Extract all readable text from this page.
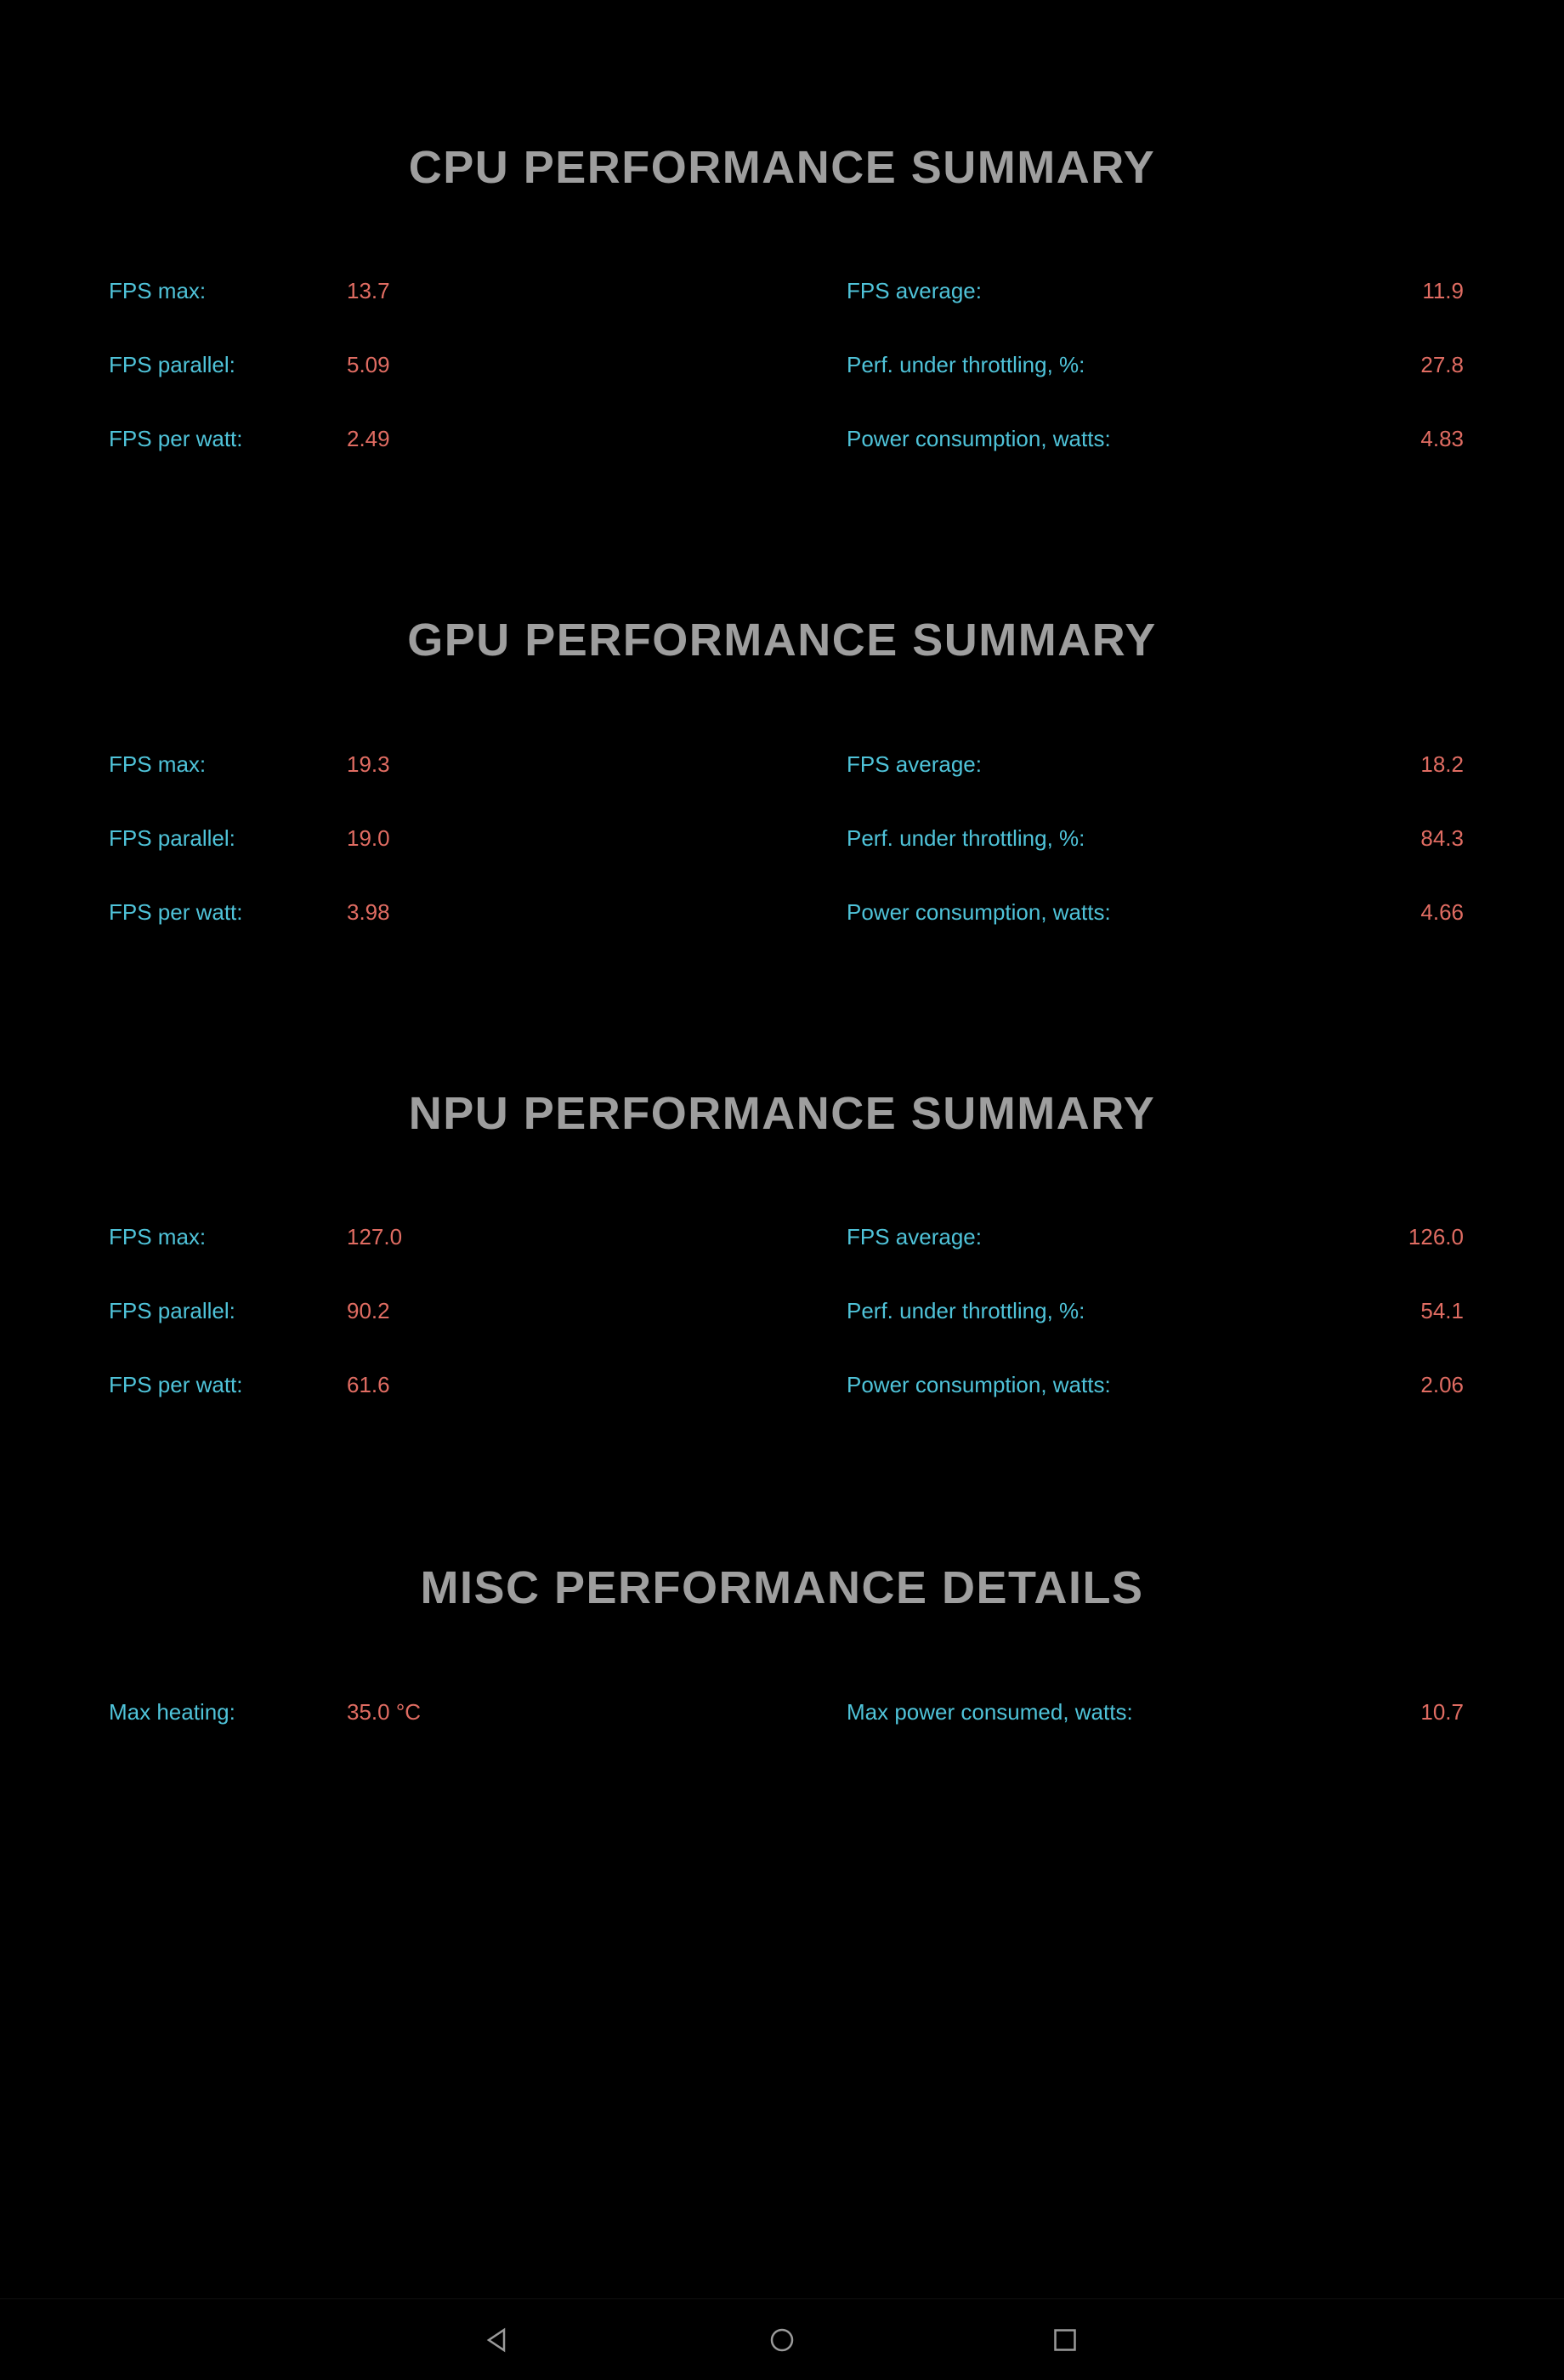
CPU PERFORMANCE SUMMARY
FPS max:	13.7	FPS average:	11.9
FPS parallel:	5.09	Perf. under throttling, %:	27.8
FPS per watt:	2.49	Power consumption, watts:	4.83
GPU PERFORMANCE SUMMARY
FPS max:	19.3	FPS average:	18.2
FPS parallel:	19.0	Perf. under throttling, %:	84.3
FPS per watt:	3.98	Power consumption, watts:	4.66
NPU PERFORMANCE SUMMARY
FPS max:	127.0	FPS average:	126.0
FPS parallel:	90.2	Perf. under throttling, %:	54.1
FPS per watt:	61.6	Power consumption, watts:	2.06
MISC PERFORMANCE DETAILS
Max heating:	35.0 °C	Max power consumed, watts:	10.7
